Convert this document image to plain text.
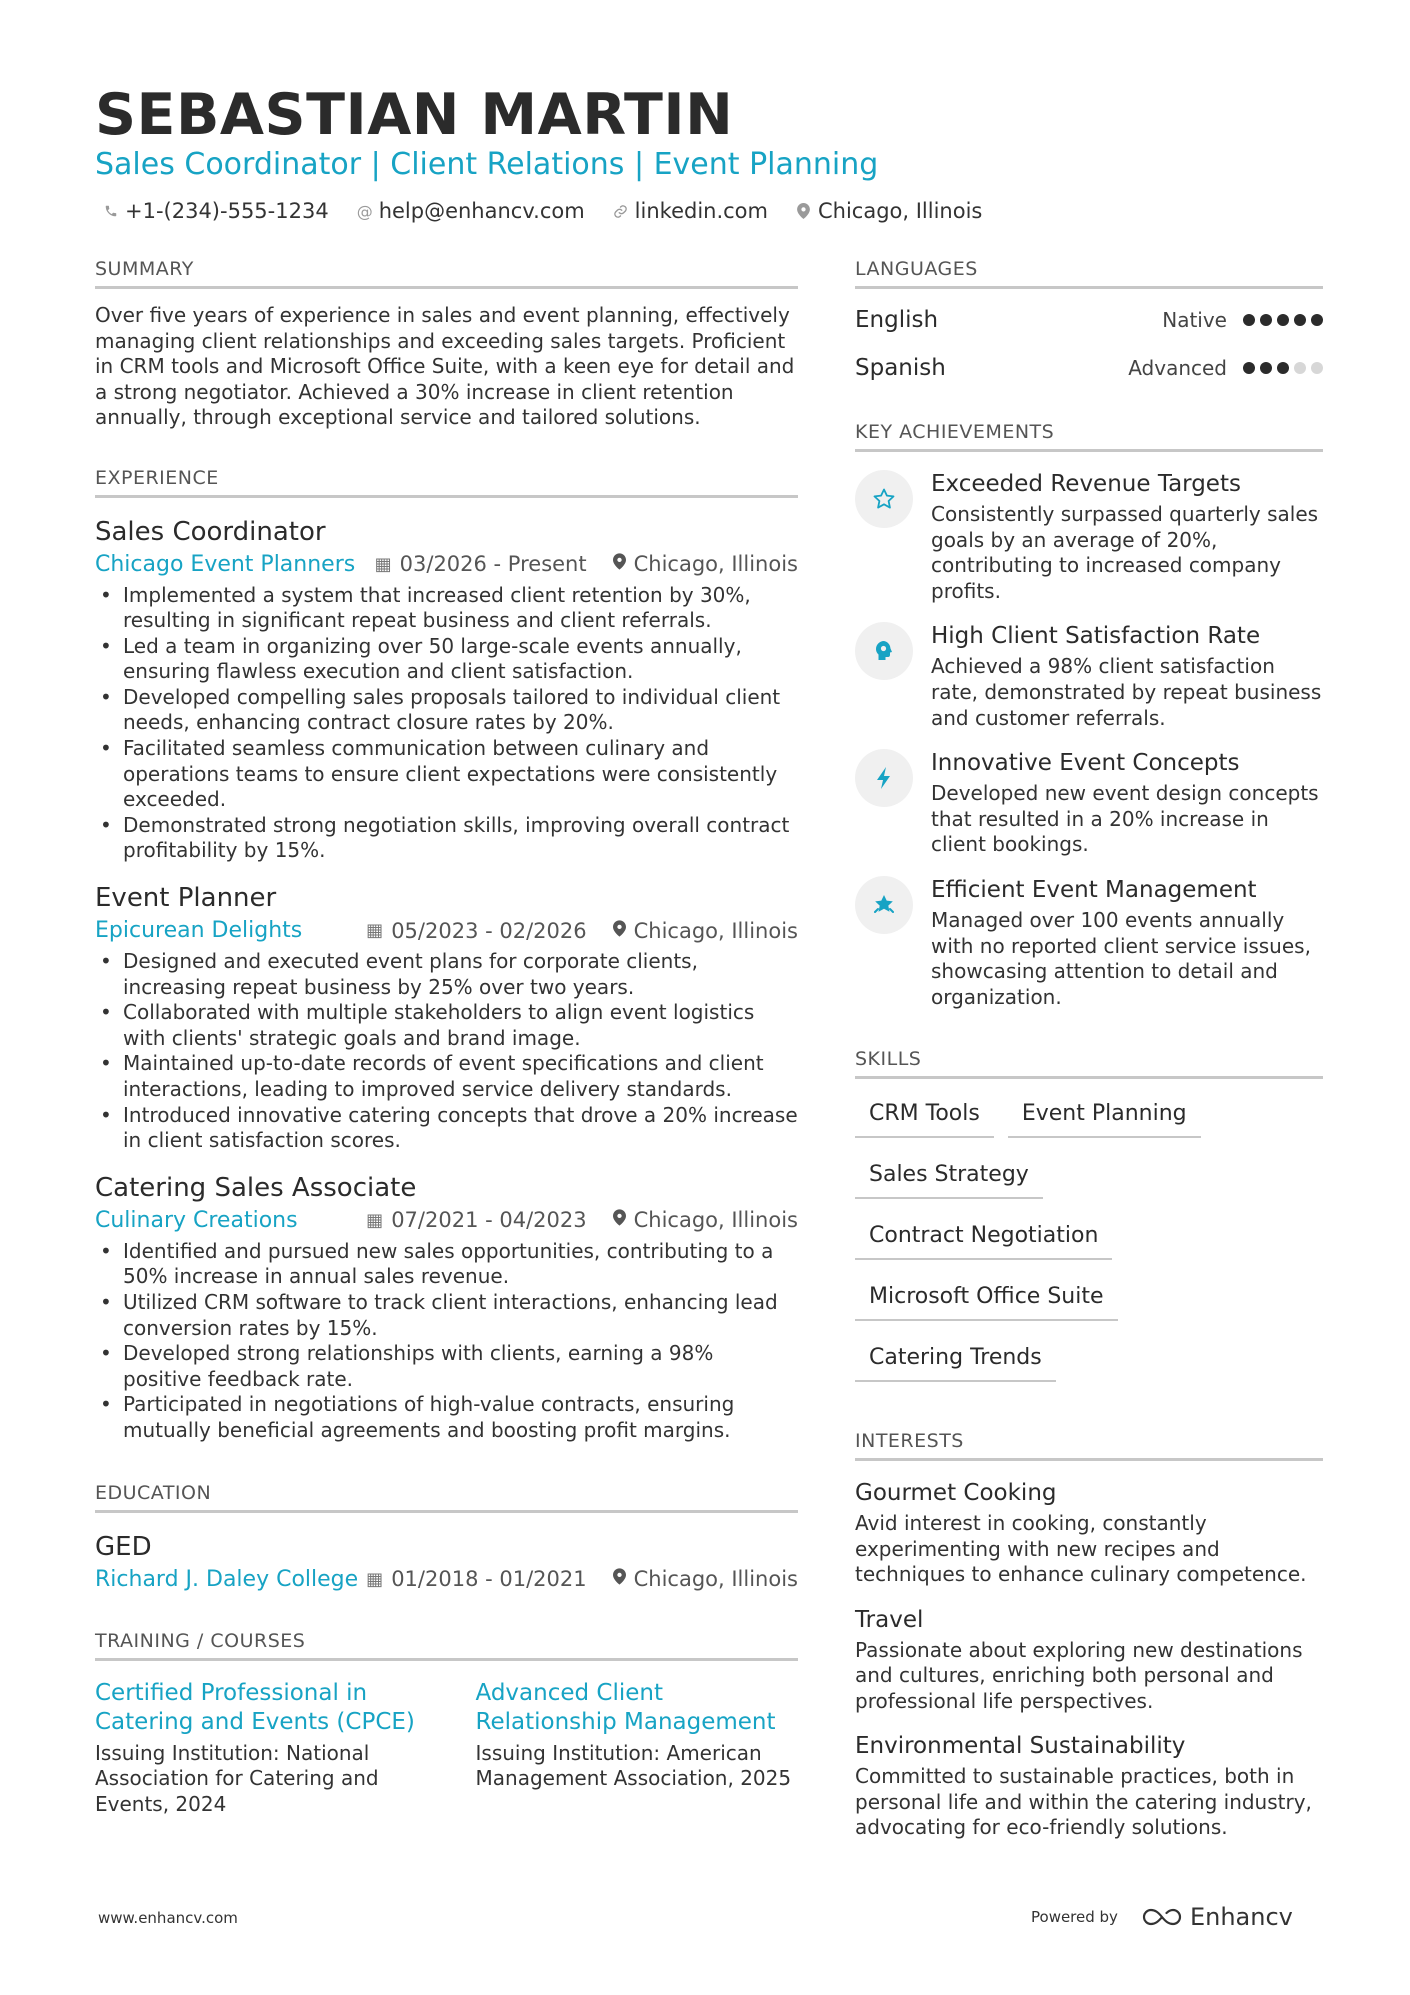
SEBASTIAN MARTIN
Sales Coordinator | Client Relations | Event Planning
+1-(234)-555-1234 @ help@enhancv.com linkedin.com Chicago, Illinois
SUMMARY
Over five years of experience in sales and event planning, effectively managing client relationships and exceeding sales targets. Proficient in CRM tools and Microsoft Office Suite, with a keen eye for detail and a strong negotiator. Achieved a 30% increase in client retention annually, through exceptional service and tailored solutions.
EXPERIENCE
Sales Coordinator
Chicago Event Planners	▦ 03/2026 - Present Chicago, Illinois
• Implemented a system that increased client retention by 30%, resulting in significant repeat business and client referrals.
• Led a team in organizing over 50 large-scale events annually, ensuring flawless execution and client satisfaction.
• Developed compelling sales proposals tailored to individual client needs, enhancing contract closure rates by 20%.
• Facilitated seamless communication between culinary and operations teams to ensure client expectations were consistently exceeded.
• Demonstrated strong negotiation skills, improving overall contract profitability by 15%.
Event Planner
Epicurean Delights	▦ 05/2023 - 02/2026 Chicago, Illinois
• Designed and executed event plans for corporate clients, increasing repeat business by 25% over two years.
• Collaborated with multiple stakeholders to align event logistics with clients' strategic goals and brand image.
• Maintained up-to-date records of event specifications and client interactions, leading to improved service delivery standards.
• Introduced innovative catering concepts that drove a 20% increase in client satisfaction scores.
Catering Sales Associate
Culinary Creations	▦ 07/2021 - 04/2023 Chicago, Illinois
• Identified and pursued new sales opportunities, contributing to a 50% increase in annual sales revenue.
• Utilized CRM software to track client interactions, enhancing lead conversion rates by 15%.
• Developed strong relationships with clients, earning a 98% positive feedback rate.
• Participated in negotiations of high-value contracts, ensuring mutually beneficial agreements and boosting profit margins.
EDUCATION
GED
Richard J. Daley College ▦ 01/2018 - 01/2021 Chicago, Illinois
TRAINING / COURSES
Certified Professional in Catering and Events (CPCE)
Issuing Institution: National Association for Catering and Events, 2024
Advanced Client Relationship Management
Issuing Institution: American Management Association, 2025
LANGUAGES
English	Native
Spanish	Advanced
KEY ACHIEVEMENTS
Exceeded Revenue Targets
Consistently surpassed quarterly sales goals by an average of 20%, contributing to increased company profits.
High Client Satisfaction Rate
Achieved a 98% client satisfaction rate, demonstrated by repeat business and customer referrals.
Innovative Event Concepts
Developed new event design concepts that resulted in a 20% increase in client bookings.
Efficient Event Management
Managed over 100 events annually with no reported client service issues, showcasing attention to detail and organization.
SKILLS
CRM Tools	Event Planning
Sales Strategy
Contract Negotiation
Microsoft Office Suite
Catering Trends
INTERESTS
Gourmet Cooking
Avid interest in cooking, constantly experimenting with new recipes and techniques to enhance culinary competence.
Travel
Passionate about exploring new destinations and cultures, enriching both personal and professional life perspectives.
Environmental Sustainability
Committed to sustainable practices, both in personal life and within the catering industry, advocating for eco-friendly solutions.
www.enhancv.com	Powered by	Enhancv
